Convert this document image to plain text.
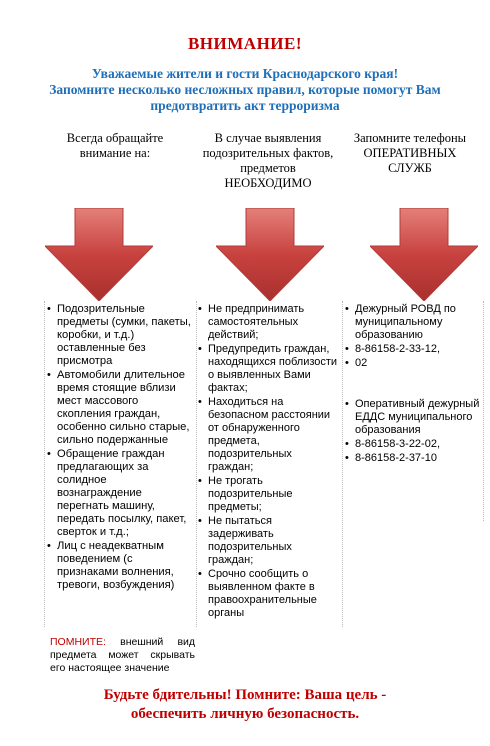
ВНИМАНИЕ!
Уважаемые жители и гости Краснодарского края!
Запомните несколько несложных правил, которые помогут Вам
предотвратить акт терроризма
Всегда обращайте
внимание на:
В случае выявления
подозрительных фактов,
предметов
НЕОБХОДИМО
Запомните телефоны
ОПЕРАТИВНЫХ
СЛУЖБ
• Подозрительные предметы (сумки, пакеты, коробки, и т.д.) оставленные без присмотра
• Автомобили длительное время стоящие вблизи мест массового скопления граждан, особенно сильно старые, сильно подержанные
• Обращение граждан предлагающих за солидное вознаграждение перегнать машину, передать посылку, пакет, сверток и т.д.;
• Лиц с неадекватным поведением (с признаками волнения, тревоги, возбуждения)
• Не предпринимать самостоятельных действий;
• Предупредить граждан, находящихся поблизости о выявленных Вами фактах;
• Находиться на безопасном расстоянии от обнаруженного предмета, подозрительных граждан;
• Не трогать подозрительные предметы;
• Не пытаться задерживать подозрительных граждан;
• Срочно сообщить о выявленном факте в правоохранительные органы
• Дежурный РОВД по муниципальному образованию
• 8-86158-2-33-12,
• 02
• Оперативный дежурный ЕДДС муниципального образования
• 8-86158-3-22-02,
• 8-86158-2-37-10
ПОМНИТЕ: внешний вид предмета может скрывать его настоящее значение
Будьте бдительны! Помните: Ваша цель -
обеспечить личную безопасность.
